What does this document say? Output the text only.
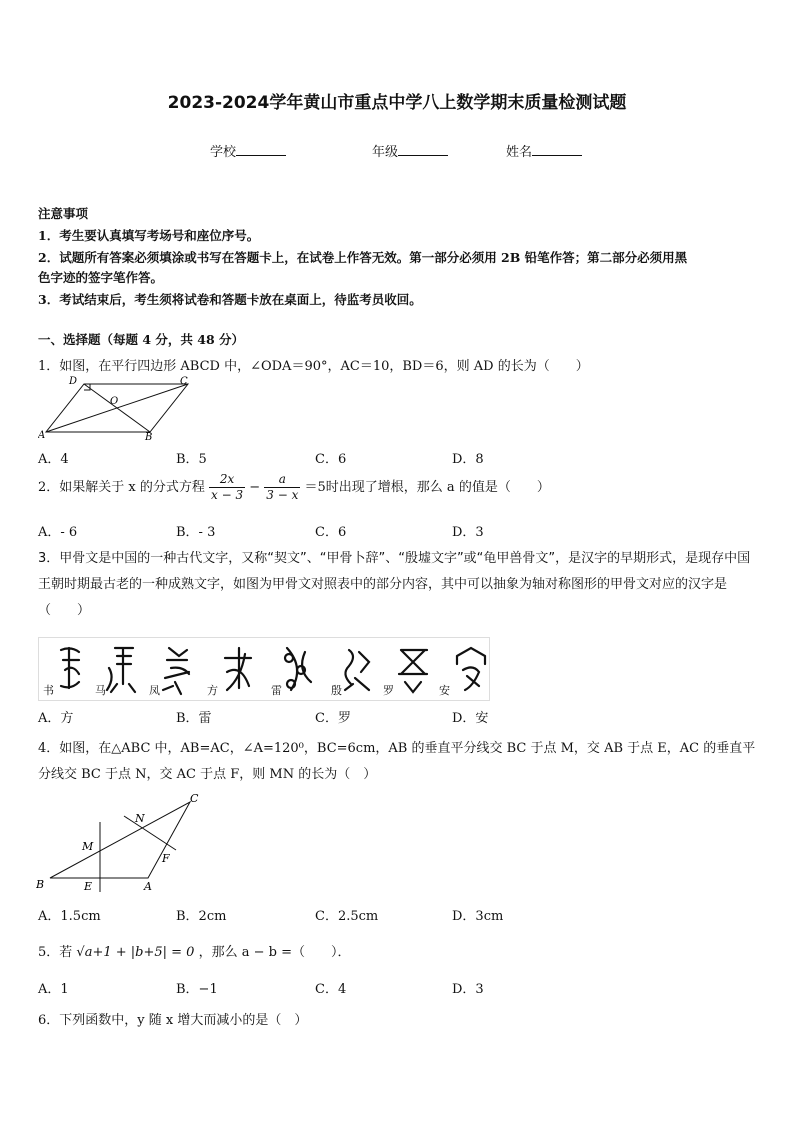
2023-2024学年黄山市重点中学八上数学期末质量检测试题
学校	年级	姓名
注意事项
1．考生要认真填写考场号和座位序号。
2．试题所有答案必须填涂或书写在答题卡上，在试卷上作答无效。第一部分必须用 2B 铅笔作答；第二部分必须用黑
色字迹的签字笔作答。
3．考试结束后，考生须将试卷和答题卡放在桌面上，待监考员收回。
一、选择题（每题 4 分，共 48 分）
1．如图，在平行四边形 ABCD 中，∠ODA＝90°，AC＝10，BD＝6，则 AD 的长为（　　）
A	B
C
D
O
A．4	B．5	C．6	D．8
2．如果解关于 x 的分式方程 $\frac{2x}{x - 3} - \frac{a}{3 - x} =5$时出现了增根，那么 a 的值是（　　）
A．- 6	B．- 3	C．6	D．3
3．甲骨文是中国的一种古代文字，又称“契文”、“甲骨卜辞”、“殷墟文字”或“龟甲兽骨文”，是汉字的早期形式，是现存中国王朝时期最古老的一种成熟文字，如图为甲骨文对照表中的部分内容，其中可以抽象为轴对称图形的甲骨文对应的汉字是（　　）
书	马	凤	方	雷	殷	罗	安
A．方	B．雷	C．罗	D．安
4．如图，在△ABC 中，AB=AC，∠A=120⁰，BC=6cm，AB 的垂直平分线交 BC 于点 M，交 AB 于点 E，AC 的垂直平分线交 BC 于点 N，交 AC 于点 F，则 MN 的长为（　）
B	A
C
E
F
M
N
A．1.5cm	B．2cm	C．2.5cm	D．3cm
5．若 √a+1 + |b+5| = 0 ，那么 a − b =（　　）．
A．1	B．−1	C．4	D．3
6．下列函数中，y 随 x 增大而减小的是（　）
